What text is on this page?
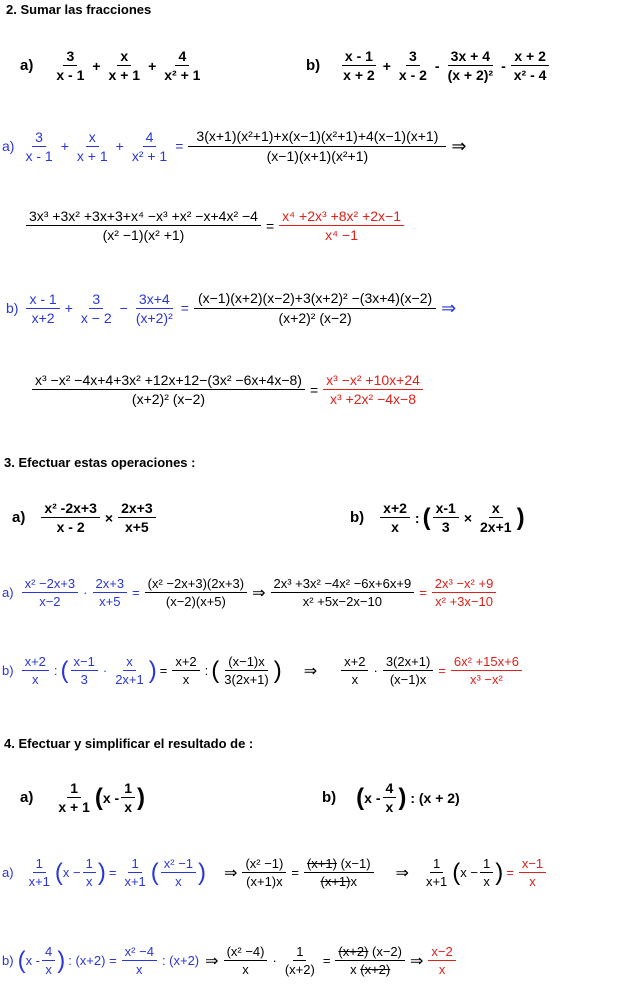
2. Sumar las fracciones
$a) \frac{3}{x - 1} + \frac{x}{x + 1} + \frac{4}{\text{x² + 1}}$	$b) \frac{x - 1}{x + 2} + \frac{3}{x - 2} - \frac{3x + 4}{\text{(x + 2)²}} - \frac{x + 2}{\text{x² - 4}}$
$a) \frac{3}{x - 1} + \frac{x}{x + 1} + \frac{4}{\text{x² + 1}} = \frac{\text{3(x+1)(x²+1)+x(x−1)(x²+1)+4(x−1)(x+1)}}{\text{(x−1)(x+1)(x²+1)}}$ ⇒
$\frac{\text{3x³ +3x² +3x+3+x⁴ −x³ +x² −x+4x² −4}}{\text{(x² −1)(x² +1)}} = \frac{\text{x⁴ +2x³ +8x² +2x−1}}{\text{x⁴ −1}}$
$b) \frac{x - 1}{x+2} + \frac{3}{x - 2} - \frac{3x+4}{\text{(x+2)²}} = \frac{\text{(x−1)(x+2)(x−2)+3(x+2)² −(3x+4)(x−2)}}{\text{(x+2)² (x−2)}}$ ⇒
$\frac{\text{x³ −x² −4x+4+3x² +12x+12−(3x² −6x+4x−8)}}{\text{(x+2)² (x−2)}} = \frac{\text{x³ −x² +10x+24}}{\text{x³ +2x² −4x−8}}$
3. Efectuar estas operaciones :
$a) \frac{\text{x² -2x+3}}{x - 2} \times \frac{2x+3}{x+5}$	$b) \frac{x+2}{x}$ : ( $\frac{x-1}{3} \times \frac{x}{2x+1}$ )
$a) \frac{\text{x² −2x+3}}{x-2} \cdot \frac{2x+3}{x+5} = \frac{\text{(x² −2x+3)(2x+3)}}{(x-2)(x+5)}$ ⇒ $\frac{\text{2x³ +3x² −4x² −6x+6x+9}}{\text{x² +5x−2x−10}} = \frac{\text{2x³ −x² +9}}{\text{x² +3x−10}}$
$b) \frac{x+2}{x}$ : ( $\frac{x-1}{3} \cdot \frac{x}{2x+1}$ ) = $\frac{x+2}{x}$ : ( $\frac{(x-1)x}{3(2x+1)}$ ) ⇒ $\frac{x+2}{x} \cdot \frac{3(2x+1)}{(x-1)x} = \frac{\text{6x² +15x+6}}{\text{x³ −x²}}$
4. Efectuar y simplificar el resultado de :
$a) \frac{1}{x + 1}$ ( x - $\frac{1}{x}$ )	b) ( x - $\frac{4}{x}$ ) : (x + 2)
$a) \frac{1}{x+1}$ ( $x - \frac{1}{x}$ ) = $\frac{1}{x+1}$ ( $\frac{\text{x² −1}}{x}$ ) ⇒ $\frac{\text{(x² −1)}}{(x+1)x} = \frac{(x+1) (x-1)}{(x+1)x}$ ⇒ $\frac{1}{x+1}$ ( $x - \frac{1}{x}$ ) = $\frac{x-1}{x}$
b) ( x - $\frac{4}{x}$ ) : $(x+2) = \frac{\text{x² −4}}{x}$ : (x+2) ⇒ $\frac{\text{(x² −4)}}{x} \cdot \frac{1}{(x+2)} = \frac{(x+2) (x-2)}{x (x+2)}$ ⇒ $\frac{x-2}{x}$
